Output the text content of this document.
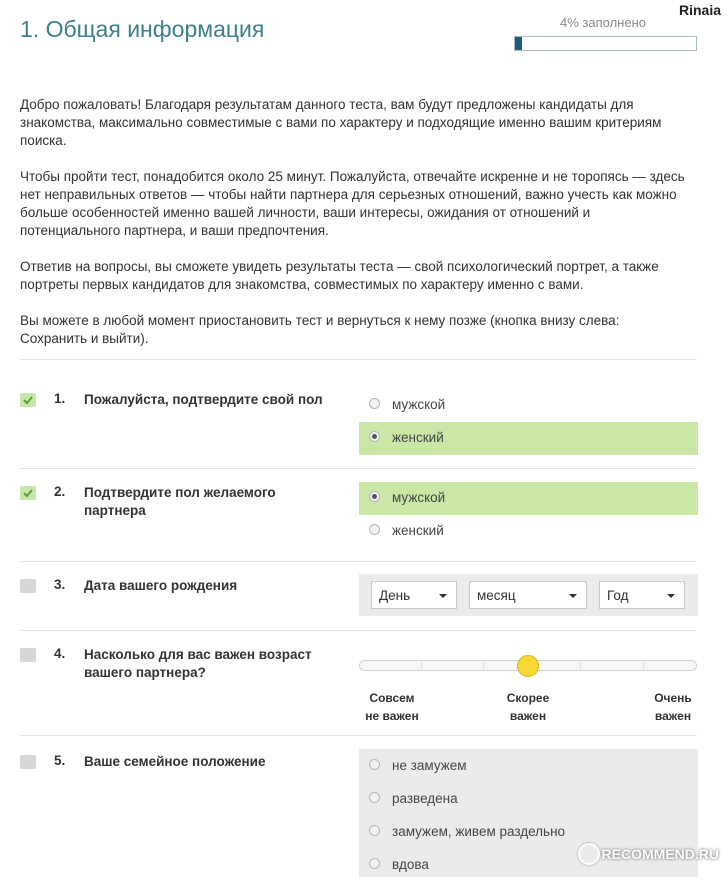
Rinaia
1. Общая информация	4% заполнено

Добро пожаловать! Благодаря результатам данного теста, вам будут предложены кандидаты для знакомства, максимально совместимые с вами по характеру и подходящие именно вашим критериям поиска.

Чтобы пройти тест, понадобится около 25 минут. Пожалуйста, отвечайте искренне и не торопясь — здесь нет неправильных ответов — чтобы найти партнера для серьезных отношений, важно учесть как можно больше особенностей именно вашей личности, ваши интересы, ожидания от отношений и потенциального партнера, и ваши предпочтения.

Ответив на вопросы, вы сможете увидеть результаты теста — свой психологический портрет, а также портреты первых кандидатов для знакомства, совместимых по характеру именно с вами.

Вы можете в любой момент приостановить тест и вернуться к нему позже (кнопка внизу слева: Сохранить и выйти).

1. Пожалуйста, подтвердите свой пол	мужской
женский
2. Подтвердите пол желаемого партнера
мужской
женский
3. Дата вашего рождения
День	месяц	Год
4. Насколько для вас важен возраст вашего партнера?
Совсем
не важен
Скорее
важен
Очень
важен
5. Ваше семейное положение	не замужем
разведена
замужем, живем раздельно
вдова
RECOMMEND.RU
